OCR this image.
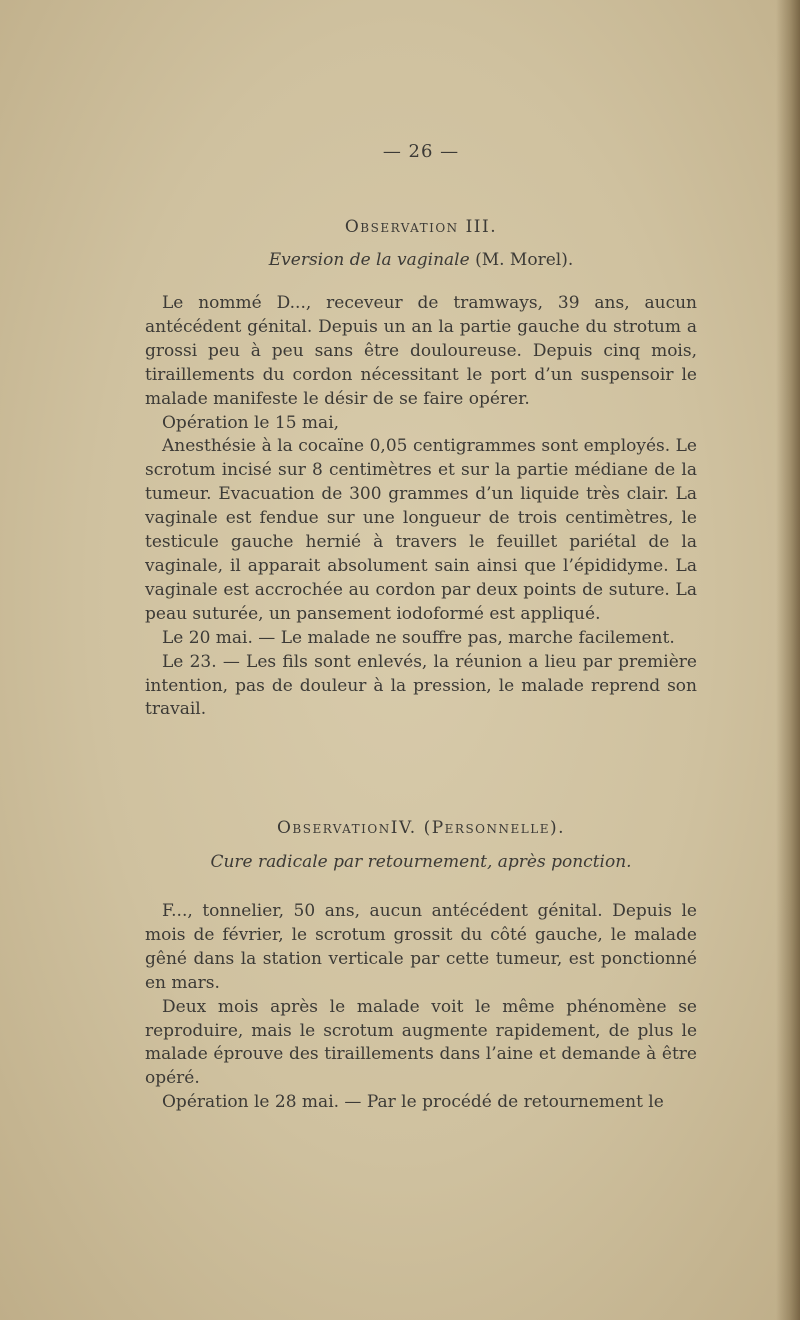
— 26 —
Observation III.
Eversion de la vaginale (M. Morel).

Le nommé D..., receveur de tramways, 39 ans, aucun antécédent génital. Depuis un an la partie gauche du strotum a grossi peu à peu sans être douloureuse. Depuis cinq mois, tiraillements du cordon nécessitant le port d’un suspensoir le malade manifeste le désir de se faire opérer.

Opération le 15 mai,

Anesthésie à la cocaïne 0,05 centigrammes sont employés. Le scrotum incisé sur 8 centimètres et sur la partie médiane de la tumeur. Evacuation de 300 grammes d’un liquide très clair. La vaginale est fendue sur une longueur de trois centimètres, le testicule gauche hernié à travers le feuillet pariétal de la vaginale, il apparait absolument sain ainsi que l’épididyme. La vaginale est accrochée au cordon par deux points de suture. La peau suturée, un pansement iodoformé est appliqué.

Le 20 mai. — Le malade ne souffre pas, marche facilement.

Le 23. — Les fils sont enlevés, la réunion a lieu par première intention, pas de douleur à la pression, le malade reprend son travail.

ObservationIV. (Personnelle).
Cure radicale par retournement, après ponction.

F..., tonnelier, 50 ans, aucun antécédent génital. Depuis le mois de février, le scrotum grossit du côté gauche, le malade gêné dans la station verticale par cette tumeur, est ponctionné en mars.

Deux mois après le malade voit le même phénomène se reproduire, mais le scrotum augmente rapidement, de plus le malade éprouve des tiraillements dans l’aine et demande à être opéré.

Opération le 28 mai. — Par le procédé de retournement le
